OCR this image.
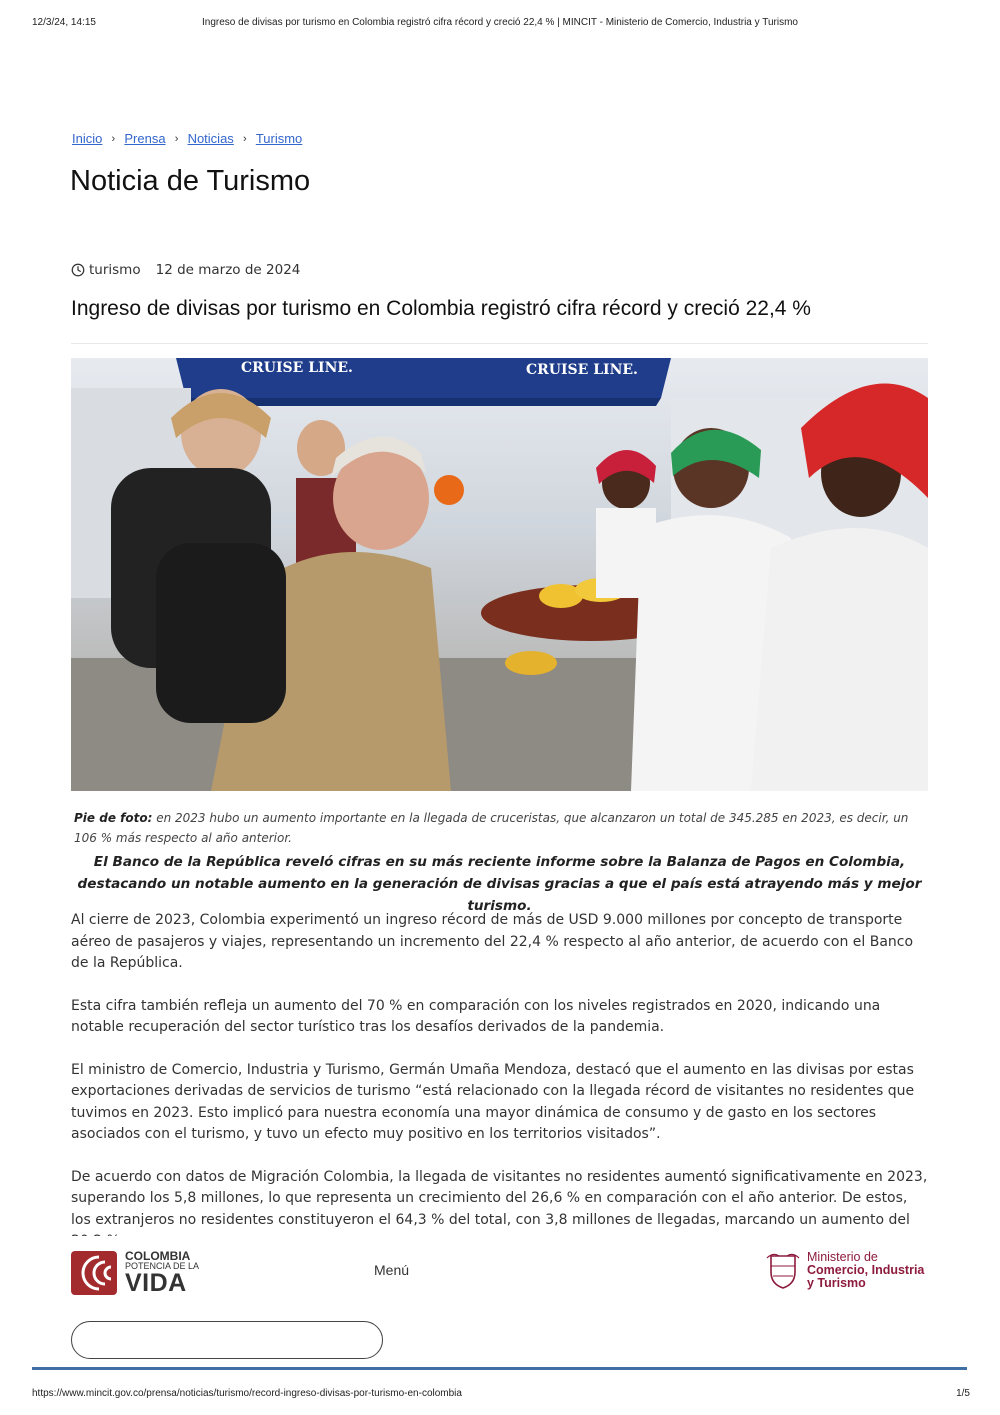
12/3/24, 14:15	Ingreso de divisas por turismo en Colombia registró cifra récord y creció 22,4 % | MINCIT - Ministerio de Comercio, Industria y Turismo
Inicio › Prensa › Noticias › Turismo
Noticia de Turismo
turismo 12 de marzo de 2024
Ingreso de divisas por turismo en Colombia registró cifra récord y creció 22,4 %
CRUISE LINE.	CRUISE LINE.

Pie de foto: en 2023 hubo un aumento importante en la llegada de cruceristas, que alcanzaron un total de 345.285 en 2023, es decir, un 106 % más respecto al año anterior.

El Banco de la República reveló cifras en su más reciente informe sobre la Balanza de Pagos en Colombia, destacando un notable aumento en la generación de divisas gracias a que el país está atrayendo más y mejor turismo.

Al cierre de 2023, Colombia experimentó un ingreso récord de más de USD 9.000 millones por concepto de transporte aéreo de pasajeros y viajes, representando un incremento del 22,4 % respecto al año anterior, de acuerdo con el Banco de la República.

Esta cifra también refleja un aumento del 70 % en comparación con los niveles registrados en 2020, indicando una notable recuperación del sector turístico tras los desafíos derivados de la pandemia.

El ministro de Comercio, Industria y Turismo, Germán Umaña Mendoza, destacó que el aumento en las divisas por estas exportaciones derivadas de servicios de turismo “está relacionado con la llegada récord de visitantes no residentes que tuvimos en 2023. Esto implicó para nuestra economía una mayor dinámica de consumo y de gasto en los sectores asociados con el turismo, y tuvo un efecto muy positivo en los territorios visitados”.

De acuerdo con datos de Migración Colombia, la llegada de visitantes no residentes aumentó significativamente en 2023, superando los 5,8 millones, lo que representa un crecimiento del 26,6 % en comparación con el año anterior. De estos, los extranjeros no residentes constituyeron el 64,3 % del total, con 3,8 millones de llegadas, marcando un aumento del

COLOMBIA
POTENCIA DE LA
VIDA	Menú
Ministerio de
Comercio, Industria
y Turismo
https://www.mincit.gov.co/prensa/noticias/turismo/record-ingreso-divisas-por-turismo-en-colombia	1/5
